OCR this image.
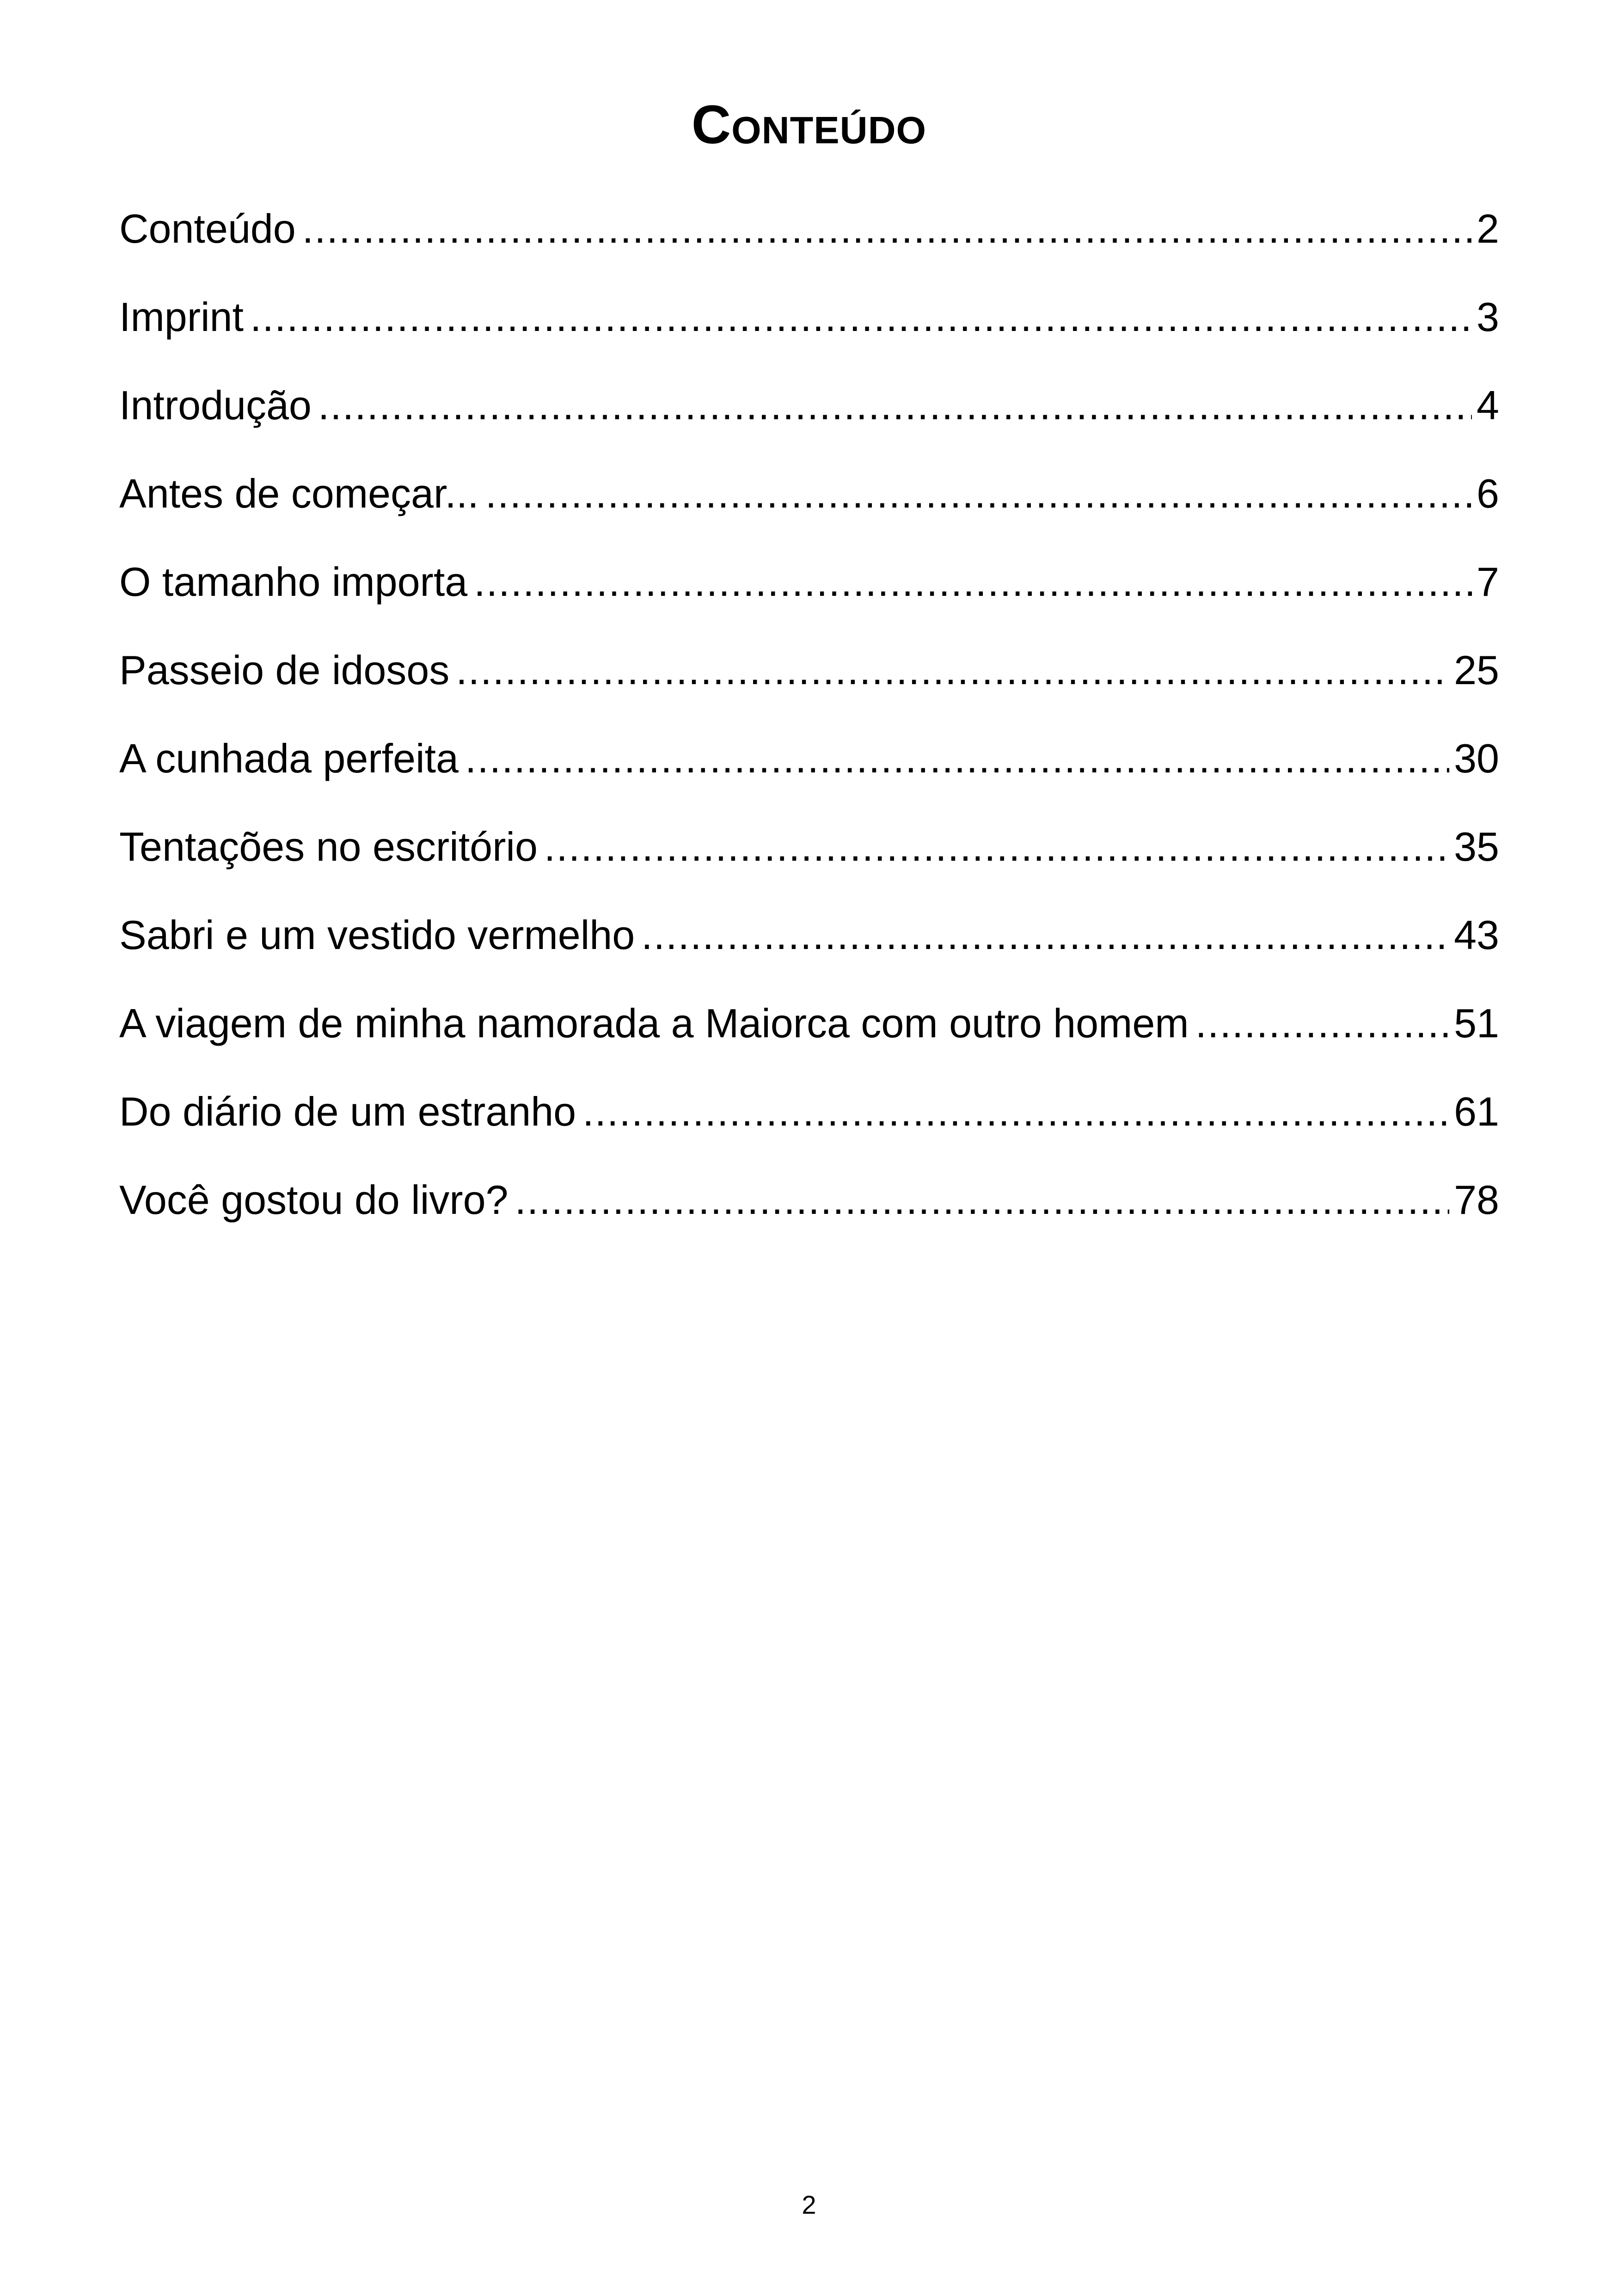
Conteúdo
Conteúdo .....	2
Imprint .....	3
Introdução .....	4
Antes de começar... .....	6
O tamanho importa .....	7
Passeio de idosos .....	25
A cunhada perfeita .....	30
Tentações no escritório .....	35
Sabri e um vestido vermelho .....	43
A viagem de minha namorada a Maiorca com outro homem .....	51
Do diário de um estranho .....	61
Você gostou do livro? .....	78
2
